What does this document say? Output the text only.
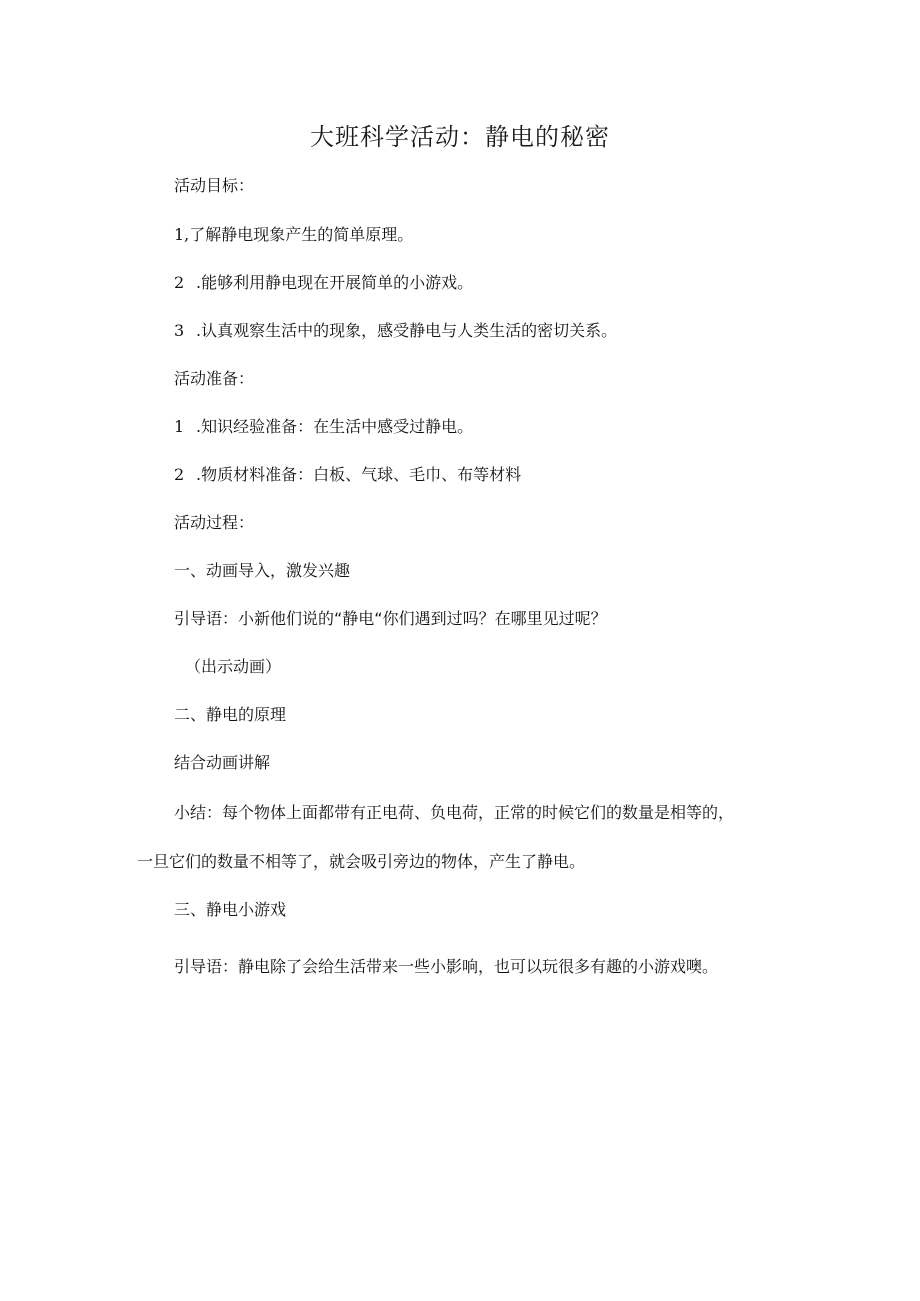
大班科学活动：静电的秘密
活动目标：
1,了解静电现象产生的简单原理。
2 .能够利用静电现在开展简单的小游戏。
3 .认真观察生活中的现象，感受静电与人类生活的密切关系。
活动准备：
1 .知识经验准备：在生活中感受过静电。
2 .物质材料准备：白板、气球、毛巾、布等材料
活动过程：
一、动画导入，激发兴趣
引导语：小新他们说的“静电“你们遇到过吗？在哪里见过呢？
（出示动画）
二、静电的原理
结合动画讲解
小结：每个物体上面都带有正电荷、负电荷，正常的时候它们的数量是相等的，
一旦它们的数量不相等了，就会吸引旁边的物体，产生了静电。
三、静电小游戏
引导语：静电除了会给生活带来一些小影响，也可以玩很多有趣的小游戏噢。
